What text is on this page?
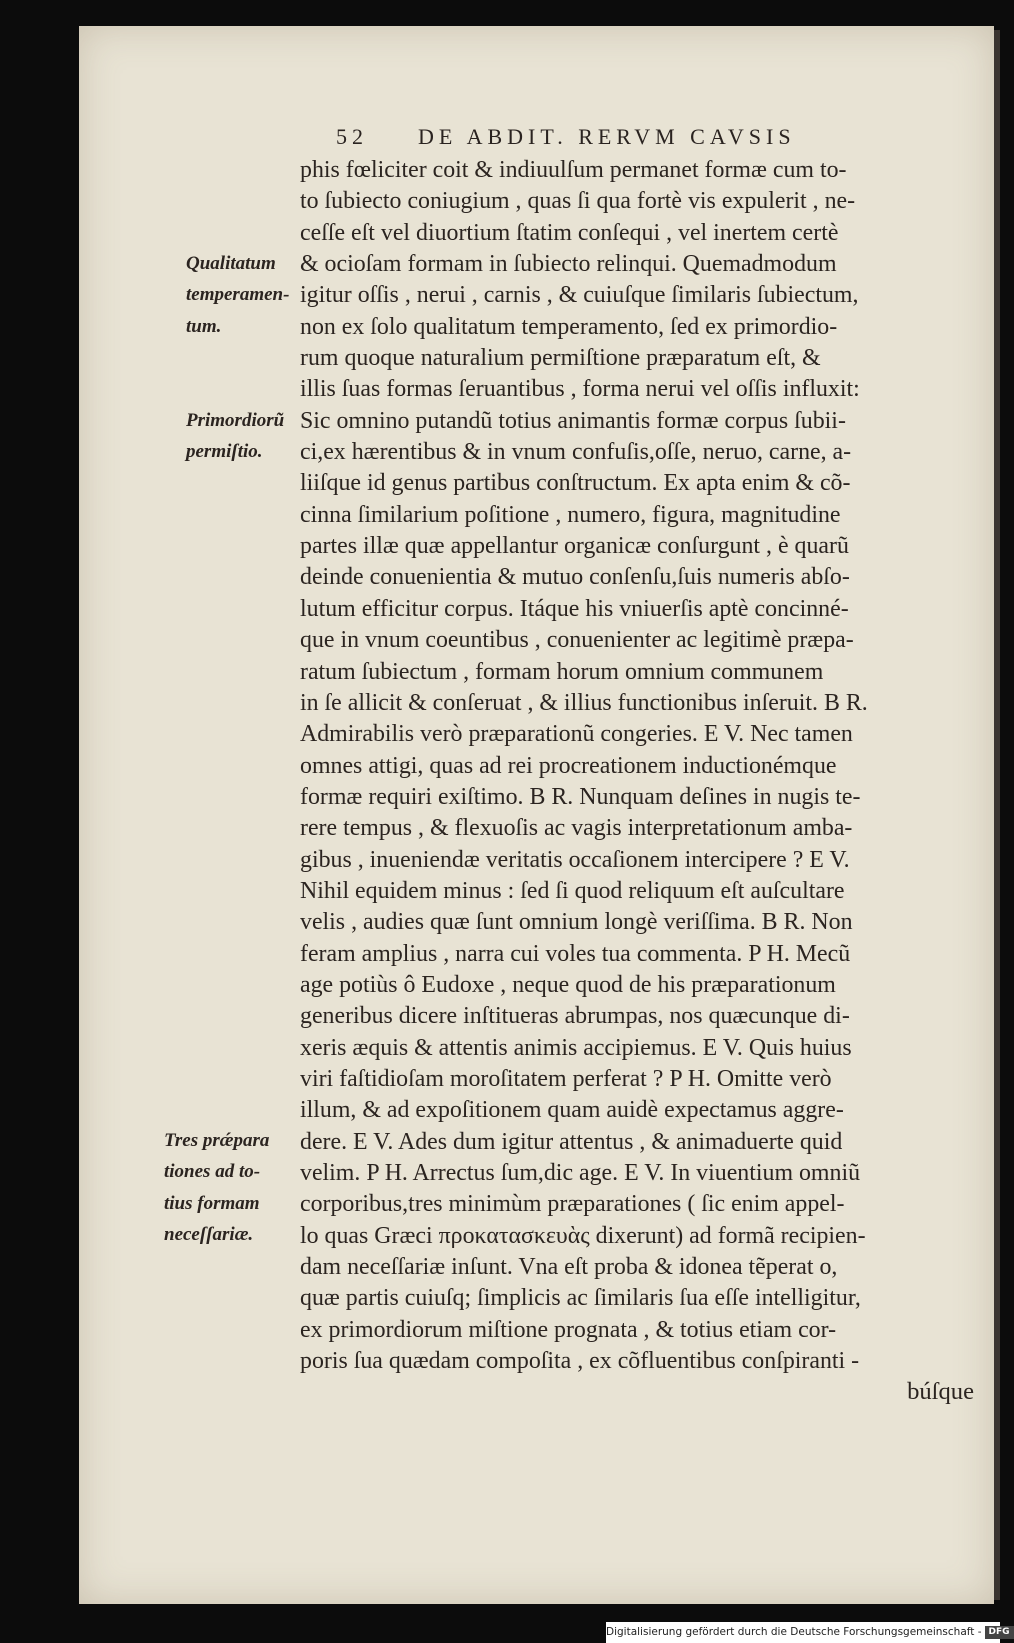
52 DE ABDIT. RERVM CAVSIS
phis fœliciter coit & indiuulſum permanet formæ cum to-
to ſubiecto coniugium , quas ſi qua fortè vis expulerit , ne-
ceſſe eſt vel diuortium ſtatim conſequi , vel inertem certè
& ocioſam formam in ſubiecto relinqui. Quemadmodum
igitur oſſis , nerui , carnis , & cuiuſque ſimilaris ſubiectum,
non ex ſolo qualitatum temperamento, ſed ex primordio-
rum quoque naturalium permiſtione præparatum eſt, &
illis ſuas formas ſeruantibus , forma nerui vel oſſis influxit:
Sic omnino putandũ totius animantis formæ corpus ſubii-
ci,ex hærentibus & in vnum confuſis,oſſe, neruo, carne, a-
liiſque id genus partibus conſtructum. Ex apta enim & cõ-
cinna ſimilarium poſitione , numero, figura, magnitudine
partes illæ quæ appellantur organicæ conſurgunt , è quarũ
deinde conuenientia & mutuo conſenſu,ſuis numeris abſo-
lutum efficitur corpus. Itáque his vniuerſis aptè concinné-
que in vnum coeuntibus , conuenienter ac legitimè præpa-
ratum ſubiectum , formam horum omnium communem
in ſe allicit & conſeruat , & illius functionibus inſeruit. B R.
Admirabilis verò præparationũ congeries. E V. Nec tamen
omnes attigi, quas ad rei procreationem inductionémque
formæ requiri exiſtimo. B R. Nunquam deſines in nugis te-
rere tempus , & flexuoſis ac vagis interpretationum amba-
gibus , inueniendæ veritatis occaſionem intercipere ? E V.
Nihil equidem minus : ſed ſi quod reliquum eſt auſcultare
velis , audies quæ ſunt omnium longè veriſſima. B R. Non
feram amplius , narra cui voles tua commenta. P H. Mecũ
age potiùs ô Eudoxe , neque quod de his præparationum
generibus dicere inſtitueras abrumpas, nos quæcunque di-
xeris æquis & attentis animis accipiemus. E V. Quis huius
viri faſtidioſam moroſitatem perferat ? P H. Omitte verò
illum, & ad expoſitionem quam auidè expectamus aggre-
dere. E V. Ades dum igitur attentus , & animaduerte quid
velim. P H. Arrectus ſum,dic age. E V. In viuentium omniũ
corporibus,tres minimùm præparationes ( ſic enim appel-
lo quas Græci προκατασκευὰς dixerunt) ad formã recipien-
dam neceſſariæ inſunt. Vna eſt proba & idonea tẽperat o,
quæ partis cuiuſq; ſimplicis ac ſimilaris ſua eſſe intelligitur,
ex primordiorum miſtione prognata , & totius etiam cor-
poris ſua quædam compoſita , ex cõfluentibus conſpiranti -
búſque
Qualitatum
temperamen-
tum.
Primordiorũ
permiſtio.
Tres prǽpara
tiones ad to-
tius formam
neceſſariæ.
Digitalisierung gefördert durch die Deutsche Forschungsgemeinschaft - DFG
